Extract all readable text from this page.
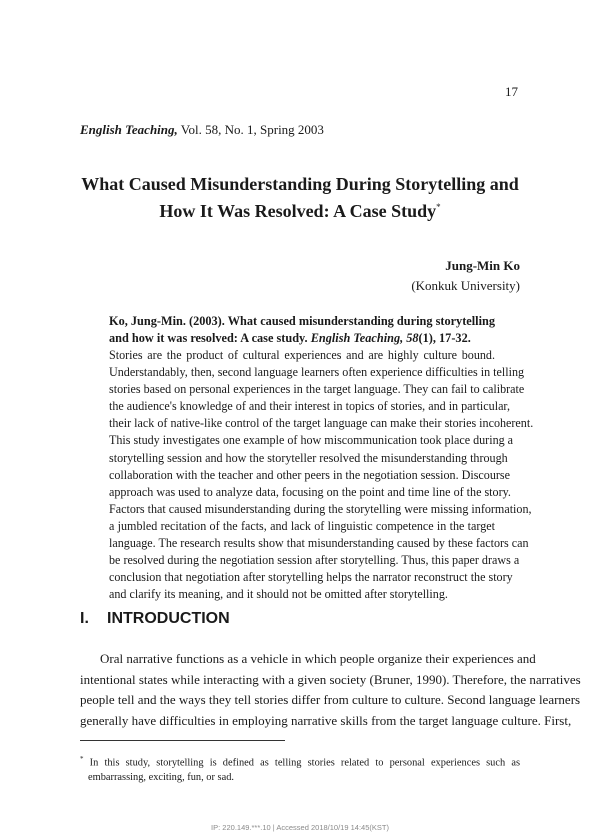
17
English Teaching, Vol. 58, No. 1, Spring 2003
What Caused Misunderstanding During Storytelling and
How It Was Resolved: A Case Study*
Jung-Min Ko
(Konkuk University)
Ko, Jung-Min. (2003). What caused misunderstanding during storytelling and how it was resolved: A case study. English Teaching, 58(1), 17-32.
Stories are the product of cultural experiences and are highly culture bound.
Understandably, then, second language learners often experience difficulties in telling
stories based on personal experiences in the target language. They can fail to calibrate
the audience's knowledge of and their interest in topics of stories, and in particular,
their lack of native-like control of the target language can make their stories incoherent.
This study investigates one example of how miscommunication took place during a
storytelling session and how the storyteller resolved the misunderstanding through
collaboration with the teacher and other peers in the negotiation session. Discourse
approach was used to analyze data, focusing on the point and time line of the story.
Factors that caused misunderstanding during the storytelling were missing information,
a jumbled recitation of the facts, and lack of linguistic competence in the target
language. The research results show that misunderstanding caused by these factors can
be resolved during the negotiation session after storytelling. Thus, this paper draws a
conclusion that negotiation after storytelling helps the narrator reconstruct the story
and clarify its meaning, and it should not be omitted after storytelling.
I. INTRODUCTION
Oral narrative functions as a vehicle in which people organize their experiences and
intentional states while interacting with a given society (Bruner, 1990). Therefore, the narratives
people tell and the ways they tell stories differ from culture to culture. Second language learners
generally have difficulties in employing narrative skills from the target language culture. First,
* In this study, storytelling is defined as telling stories related to personal experiences such as
embarrassing, exciting, fun, or sad.
IP: 220.149.***.10 | Accessed 2018/10/19 14:45(KST)
